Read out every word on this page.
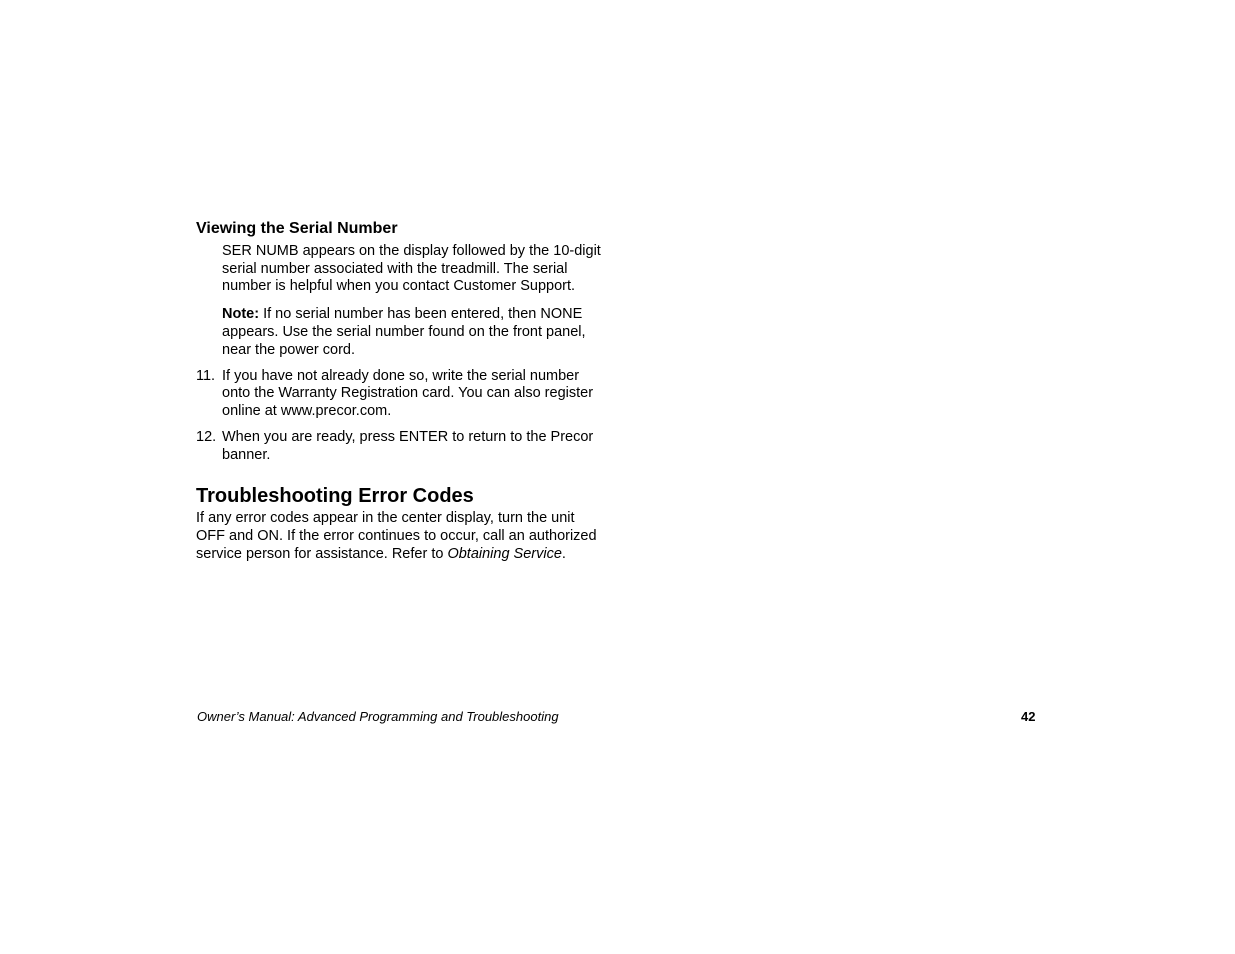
Viewing the Serial Number

SER NUMB appears on the display followed by the 10-digit serial number associated with the treadmill. The serial number is helpful when you contact Customer Support.

Note: If no serial number has been entered, then NONE appears. Use the serial number found on the front panel, near the power cord.

11. If you have not already done so, write the serial number onto the Warranty Registration card. You can also register online at www.precor.com.
12. When you are ready, press ENTER to return to the Precor banner.
Troubleshooting Error Codes

If any error codes appear in the center display, turn the unit OFF and ON. If the error continues to occur, call an authorized service person for assistance. Refer to Obtaining Service.

Owner’s Manual: Advanced Programming and Troubleshooting	42
